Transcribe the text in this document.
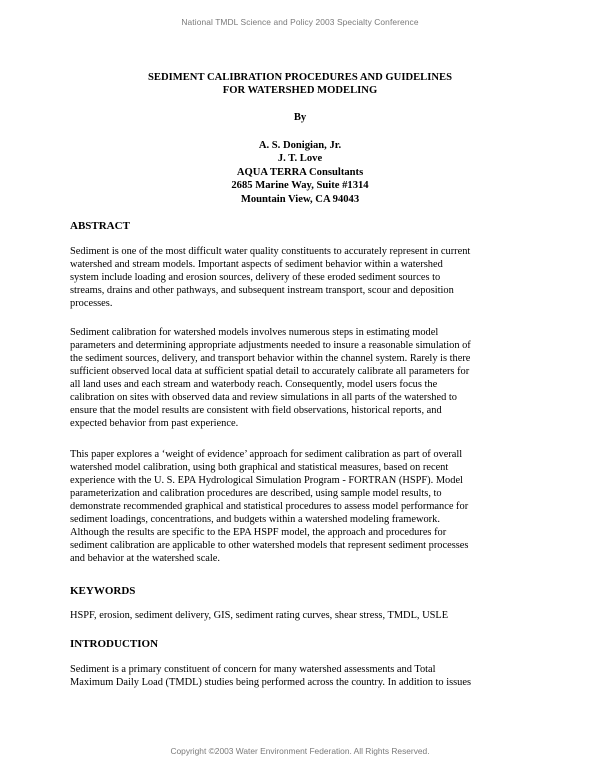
National TMDL Science and Policy 2003 Specialty Conference
SEDIMENT CALIBRATION PROCEDURES AND GUIDELINES
FOR WATERSHED MODELING
By
A. S. Donigian, Jr.
J. T. Love
AQUA TERRA Consultants
2685 Marine Way, Suite #1314
Mountain View, CA 94043
ABSTRACT
Sediment is one of the most difficult water quality constituents to accurately represent in current
watershed and stream models. Important aspects of sediment behavior within a watershed
system include loading and erosion sources, delivery of these eroded sediment sources to
streams, drains and other pathways, and subsequent instream transport, scour and deposition
processes.
Sediment calibration for watershed models involves numerous steps in estimating model
parameters and determining appropriate adjustments needed to insure a reasonable simulation of
the sediment sources, delivery, and transport behavior within the channel system. Rarely is there
sufficient observed local data at sufficient spatial detail to accurately calibrate all parameters for
all land uses and each stream and waterbody reach. Consequently, model users focus the
calibration on sites with observed data and review simulations in all parts of the watershed to
ensure that the model results are consistent with field observations, historical reports, and
expected behavior from past experience.
This paper explores a ‘weight of evidence’ approach for sediment calibration as part of overall
watershed model calibration, using both graphical and statistical measures, based on recent
experience with the U. S. EPA Hydrological Simulation Program - FORTRAN (HSPF). Model
parameterization and calibration procedures are described, using sample model results, to
demonstrate recommended graphical and statistical procedures to assess model performance for
sediment loadings, concentrations, and budgets within a watershed modeling framework.
Although the results are specific to the EPA HSPF model, the approach and procedures for
sediment calibration are applicable to other watershed models that represent sediment processes
and behavior at the watershed scale.
KEYWORDS
HSPF, erosion, sediment delivery, GIS, sediment rating curves, shear stress, TMDL, USLE
INTRODUCTION
Sediment is a primary constituent of concern for many watershed assessments and Total
Maximum Daily Load (TMDL) studies being performed across the country. In addition to issues
Copyright ©2003 Water Environment Federation. All Rights Reserved.
